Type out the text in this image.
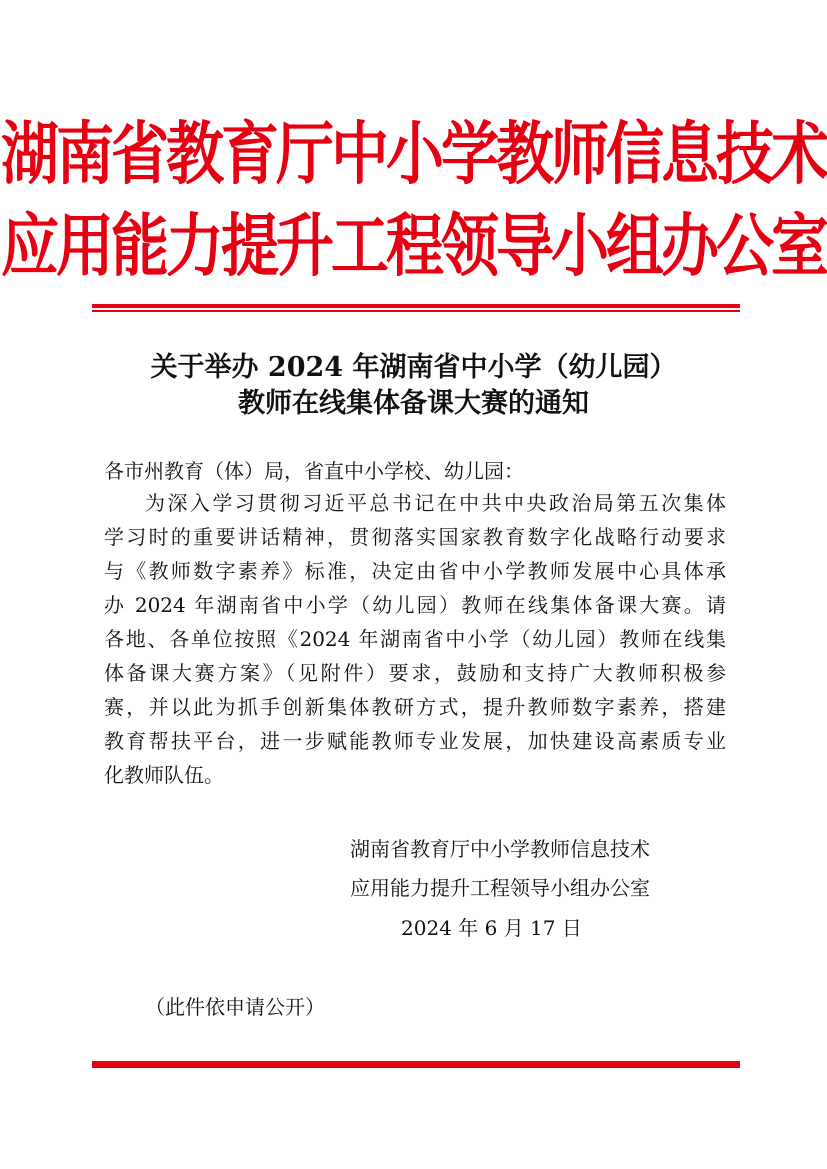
湖南省教育厅中小学教师信息技术
应用能力提升工程领导小组办公室
关于举办 2024 年湖南省中小学（幼儿园）
教师在线集体备课大赛的通知
各市州教育（体）局，省直中小学校、幼儿园：
为深入学习贯彻习近平总书记在中共中央政治局第五次集体
学习时的重要讲话精神，贯彻落实国家教育数字化战略行动要求
与《教师数字素养》标准，决定由省中小学教师发展中心具体承
办 2024 年湖南省中小学（幼儿园）教师在线集体备课大赛。请
各地、各单位按照《2024 年湖南省中小学（幼儿园）教师在线集
体备课大赛方案》（见附件）要求，鼓励和支持广大教师积极参
赛，并以此为抓手创新集体教研方式，提升教师数字素养，搭建
教育帮扶平台，进一步赋能教师专业发展，加快建设高素质专业
化教师队伍。
湖南省教育厅中小学教师信息技术
应用能力提升工程领导小组办公室
2024 年 6 月 17 日
（此件依申请公开）
